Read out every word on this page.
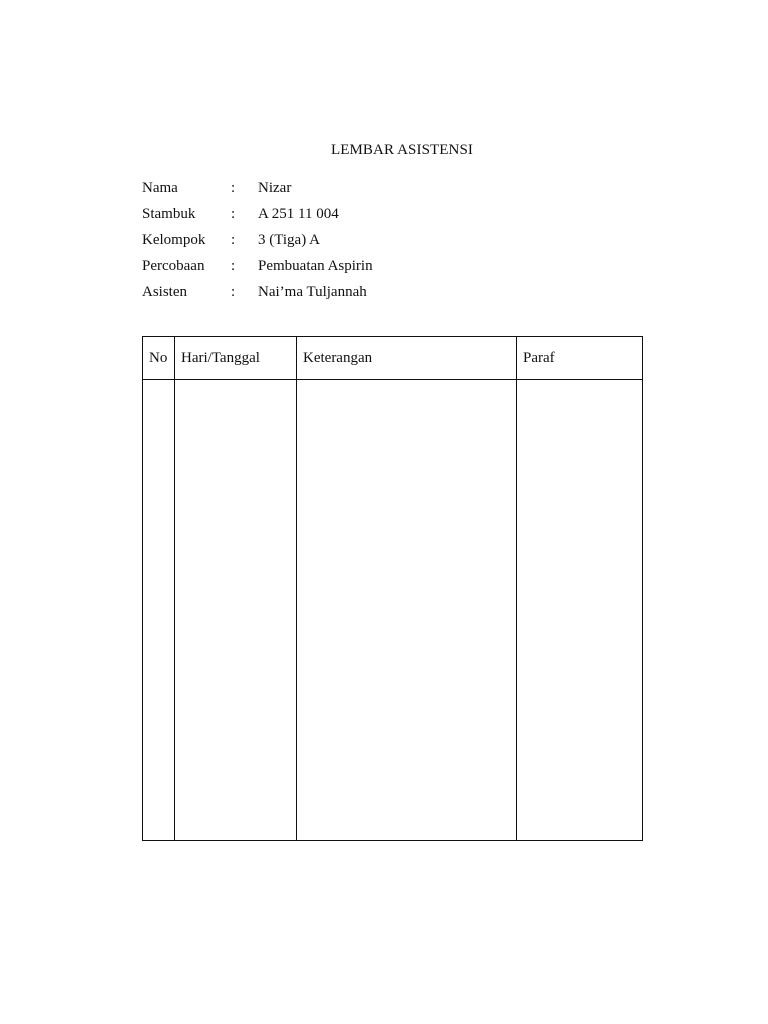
LEMBAR ASISTENSI
Nama	: Nizar
Stambuk : A 251 11 004
Kelompok : 3 (Tiga) A
Percobaan : Pembuatan Aspirin
Asisten	: Nai’ma Tuljannah
No	Hari/Tanggal	Keterangan	Paraf
